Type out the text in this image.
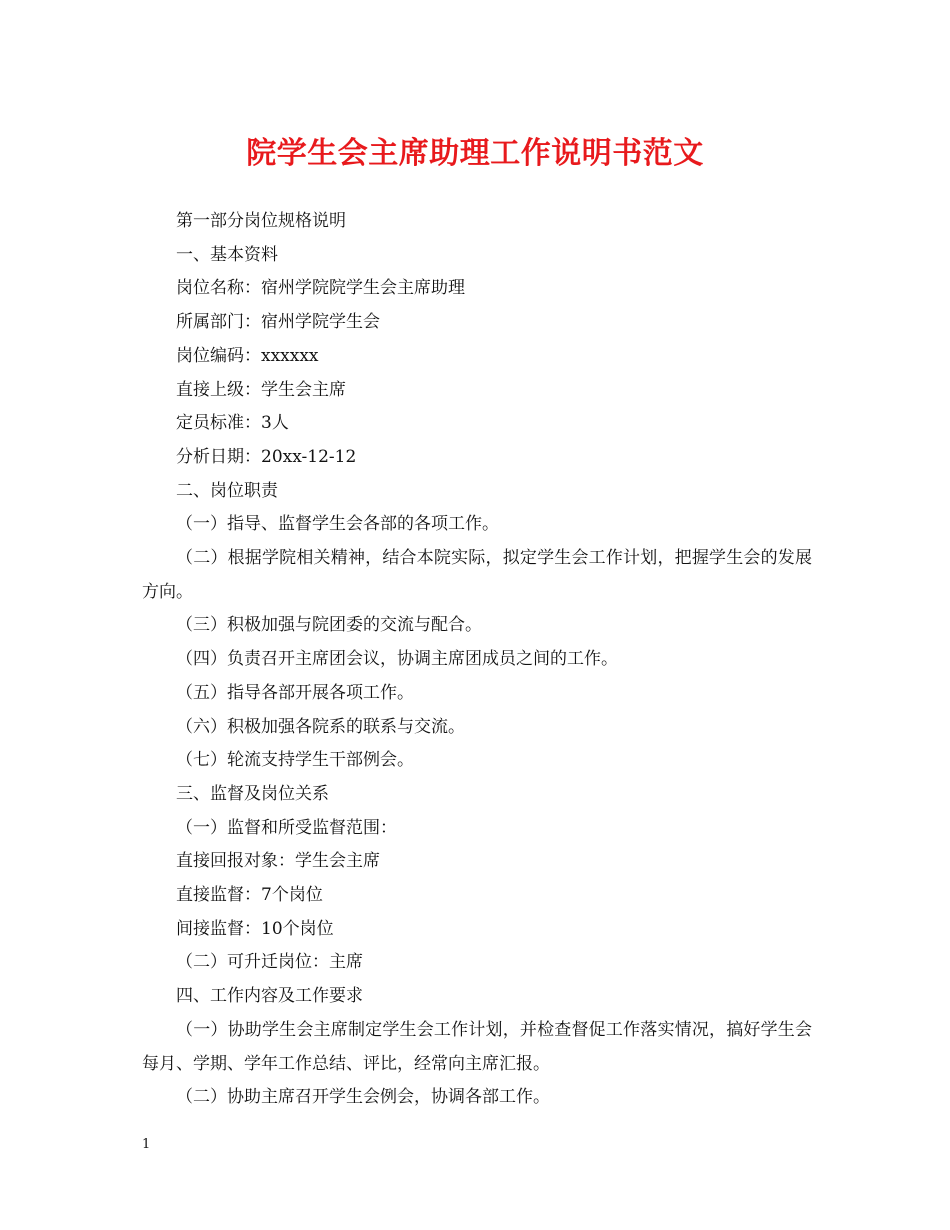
院学生会主席助理工作说明书范文

第一部分岗位规格说明

一、基本资料

岗位名称：宿州学院院学生会主席助理

所属部门：宿州学院学生会

岗位编码：xxxxxx

直接上级：学生会主席

定员标准：3人

分析日期：20xx-12-12

二、岗位职责

（一）指导、监督学生会各部的各项工作。

（二）根据学院相关精神，结合本院实际，拟定学生会工作计划，把握学生会的发展方向。

（三）积极加强与院团委的交流与配合。

（四）负责召开主席团会议，协调主席团成员之间的工作。

（五）指导各部开展各项工作。

（六）积极加强各院系的联系与交流。

（七）轮流支持学生干部例会。

三、监督及岗位关系

（一）监督和所受监督范围：

直接回报对象：学生会主席

直接监督：7个岗位

间接监督：10个岗位

（二）可升迁岗位：主席

四、工作内容及工作要求

（一）协助学生会主席制定学生会工作计划，并检查督促工作落实情况，搞好学生会每月、学期、学年工作总结、评比，经常向主席汇报。

（二）协助主席召开学生会例会，协调各部工作。

1
